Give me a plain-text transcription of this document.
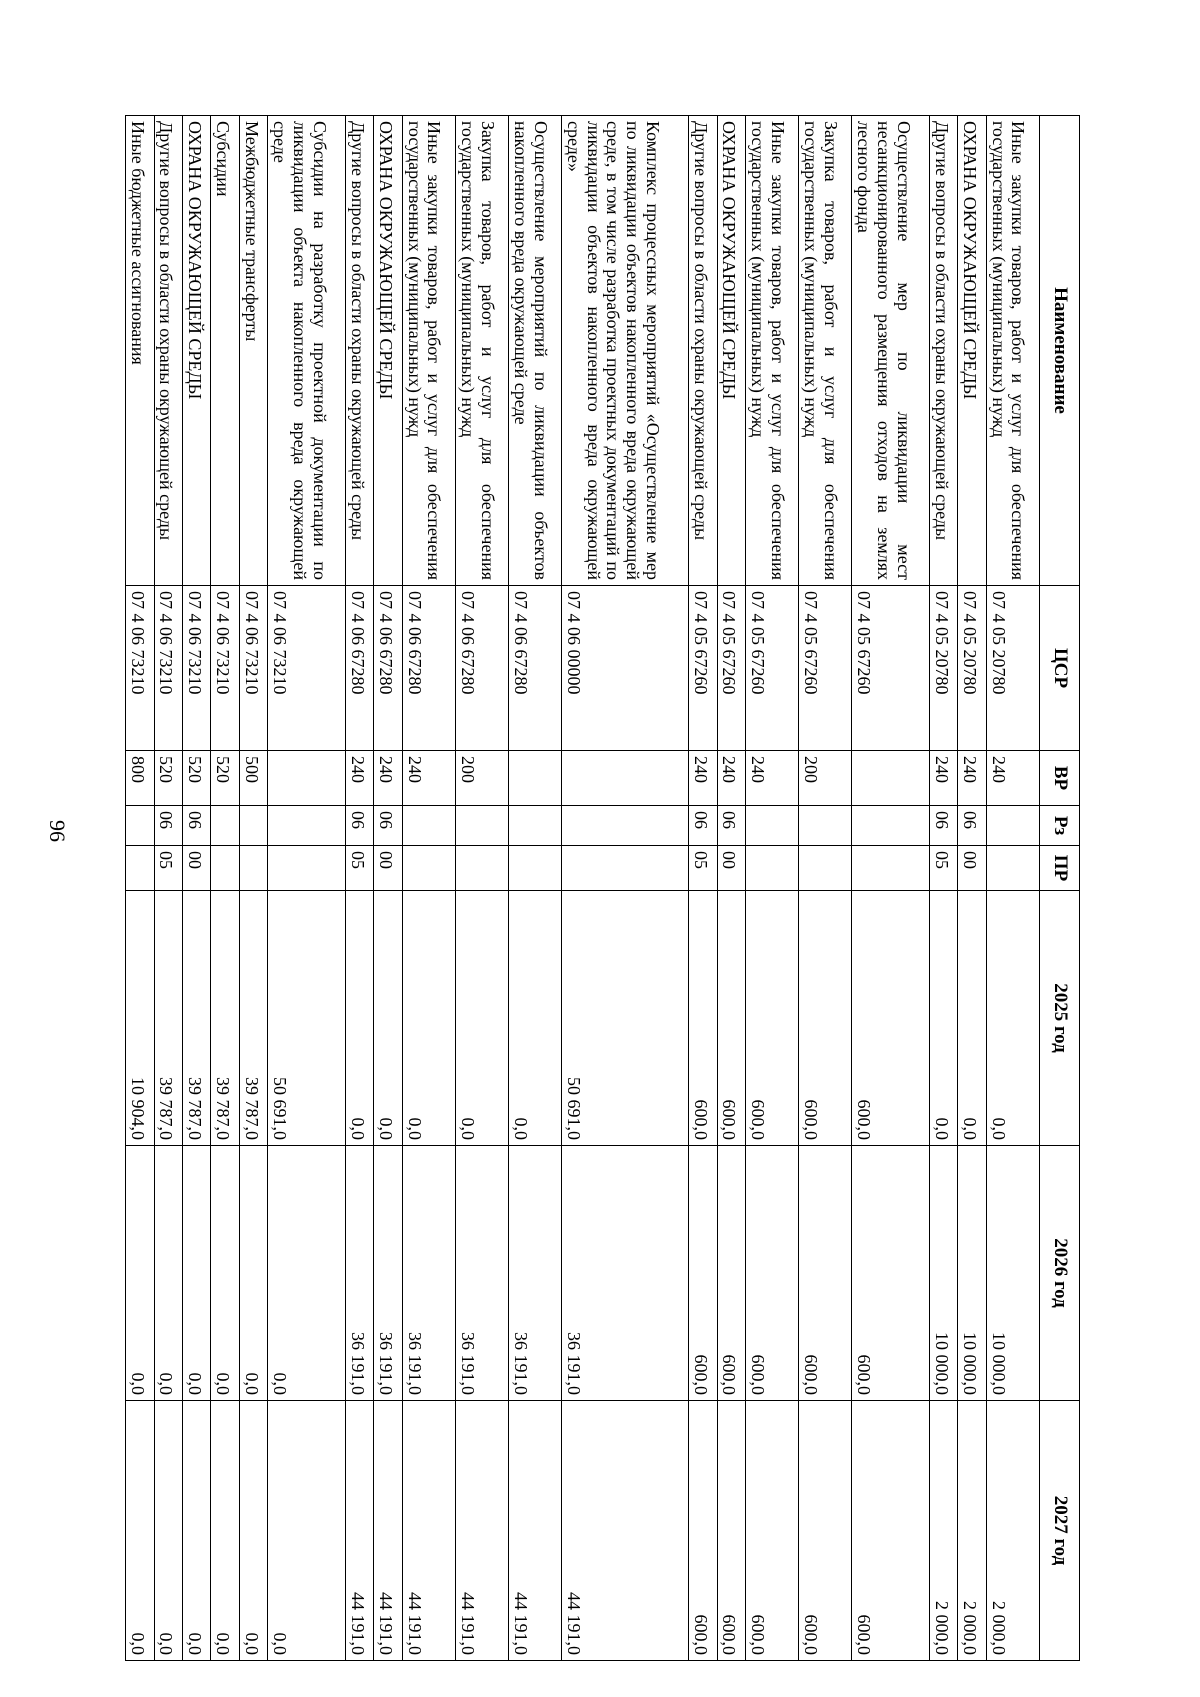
96
Наименование	ЦСР	ВР	Рз	ПР	2025 год	2026 год	2027 год
Иные закупки товаров, работ и услуг для обеспечения государственных (муниципальных) нужд	07 4 05 20780	240			0,0	10 000,0	2 000,0
ОХРАНА ОКРУЖАЮЩЕЙ СРЕДЫ	07 4 05 20780	240	06	00	0,0	10 000,0	2 000,0
Другие вопросы в области охраны окружающей среды	07 4 05 20780	240	06	05	0,0	10 000,0	2 000,0
Осуществление мер по ликвидации мест несанкционированного размещения отходов на землях лесного фонда	07 4 05 67260				600,0	600,0	600,0
Закупка товаров, работ и услуг для обеспечения государственных (муниципальных) нужд	07 4 05 67260	200			600,0	600,0	600,0
Иные закупки товаров, работ и услуг для обеспечения государственных (муниципальных) нужд	07 4 05 67260	240			600,0	600,0	600,0
ОХРАНА ОКРУЖАЮЩЕЙ СРЕДЫ	07 4 05 67260	240	06	00	600,0	600,0	600,0
Другие вопросы в области охраны окружающей среды	07 4 05 67260	240	06	05	600,0	600,0	600,0
Комплекс процессных мероприятий «Осуществление мер по ликвидации объектов накопленного вреда окружающей среде, в том числе разработка проектных документаций по ликвидации объектов накопленного вреда окружающей среде»	07 4 06 00000				50 691,0	36 191,0	44 191,0
Осуществление мероприятий по ликвидации объектов накопленного вреда окружающей среде	07 4 06 67280				0,0	36 191,0	44 191,0
Закупка товаров, работ и услуг для обеспечения государственных (муниципальных) нужд	07 4 06 67280	200			0,0	36 191,0	44 191,0
Иные закупки товаров, работ и услуг для обеспечения государственных (муниципальных) нужд	07 4 06 67280	240			0,0	36 191,0	44 191,0
ОХРАНА ОКРУЖАЮЩЕЙ СРЕДЫ	07 4 06 67280	240	06	00	0,0	36 191,0	44 191,0
Другие вопросы в области охраны окружающей среды	07 4 06 67280	240	06	05	0,0	36 191,0	44 191,0
Субсидии на разработку проектной документации по ликвидации объекта накопленного вреда окружающей среде	07 4 06 73210				50 691,0	0,0	0,0
Межбюджетные трансферты	07 4 06 73210	500			39 787,0	0,0	0,0
Субсидии	07 4 06 73210	520			39 787,0	0,0	0,0
ОХРАНА ОКРУЖАЮЩЕЙ СРЕДЫ	07 4 06 73210	520	06	00	39 787,0	0,0	0,0
Другие вопросы в области охраны окружающей среды	07 4 06 73210	520	06	05	39 787,0	0,0	0,0
Иные бюджетные ассигнования	07 4 06 73210	800			10 904,0	0,0	0,0
